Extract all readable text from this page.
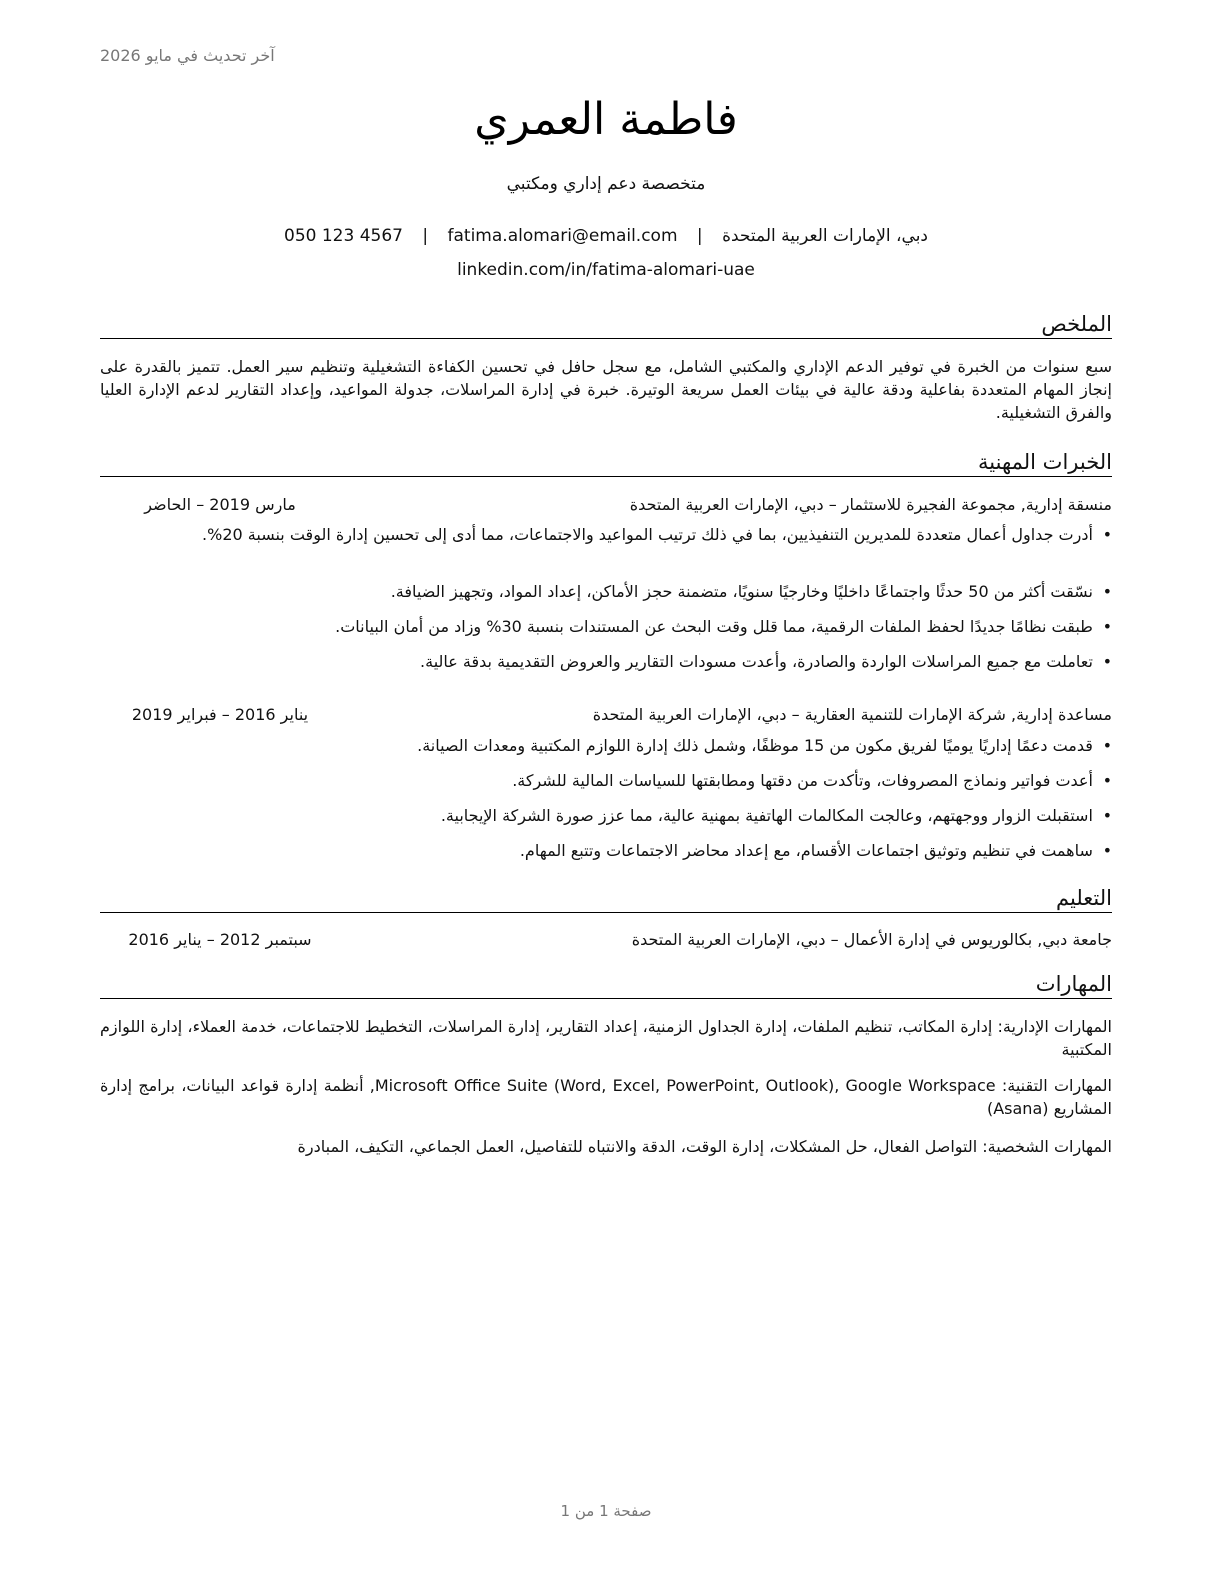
آخر تحديث في مايو 2026
فاطمة العمري
متخصصة دعم إداري ومكتبي
دبي، الإمارات العربية المتحدة | fatima.alomari@email.com | 050 123 4567
linkedin.com/in/fatima-alomari-uae
الملخص
سبع سنوات من الخبرة في توفير الدعم الإداري والمكتبي الشامل، مع سجل حافل في تحسين الكفاءة التشغيلية وتنظيم سير العمل. تتميز بالقدرة على إنجاز المهام المتعددة بفاعلية ودقة عالية في بيئات العمل سريعة الوتيرة. خبرة في إدارة المراسلات، جدولة المواعيد، وإعداد التقارير لدعم الإدارة العليا والفرق التشغيلية.
الخبرات المهنية
منسقة إدارية, مجموعة الفجيرة للاستثمار – دبي، الإمارات العربية المتحدة
مارس 2019 – الحاضر
• أدرت جداول أعمال متعددة للمديرين التنفيذيين، بما في ذلك ترتيب المواعيد والاجتماعات، مما أدى إلى تحسين إدارة الوقت بنسبة 20%.
• نسّقت أكثر من 50 حدثًا واجتماعًا داخليًا وخارجيًا سنويًا، متضمنة حجز الأماكن، إعداد المواد، وتجهيز الضيافة.
• طبقت نظامًا جديدًا لحفظ الملفات الرقمية، مما قلل وقت البحث عن المستندات بنسبة 30% وزاد من أمان البيانات.
• تعاملت مع جميع المراسلات الواردة والصادرة، وأعدت مسودات التقارير والعروض التقديمية بدقة عالية.
مساعدة إدارية, شركة الإمارات للتنمية العقارية – دبي، الإمارات العربية المتحدة
يناير 2016 – فبراير 2019
• قدمت دعمًا إداريًا يوميًا لفريق مكون من 15 موظفًا، وشمل ذلك إدارة اللوازم المكتبية ومعدات الصيانة.
• أعدت فواتير ونماذج المصروفات، وتأكدت من دقتها ومطابقتها للسياسات المالية للشركة.
• استقبلت الزوار ووجهتهم، وعالجت المكالمات الهاتفية بمهنية عالية، مما عزز صورة الشركة الإيجابية.
• ساهمت في تنظيم وتوثيق اجتماعات الأقسام، مع إعداد محاضر الاجتماعات وتتبع المهام.
التعليم
جامعة دبي, بكالوريوس في إدارة الأعمال – دبي، الإمارات العربية المتحدة
سبتمبر 2012 – يناير 2016
المهارات
المهارات الإدارية: إدارة المكاتب، تنظيم الملفات، إدارة الجداول الزمنية، إعداد التقارير، إدارة المراسلات، التخطيط للاجتماعات، خدمة العملاء، إدارة اللوازم المكتبية
المهارات التقنية: Microsoft Office Suite (Word, Excel, PowerPoint, Outlook), Google Workspace, أنظمة إدارة قواعد البيانات، برامج إدارة المشاريع (Asana)
المهارات الشخصية: التواصل الفعال، حل المشكلات، إدارة الوقت، الدقة والانتباه للتفاصيل، العمل الجماعي، التكيف، المبادرة
صفحة 1 من 1
